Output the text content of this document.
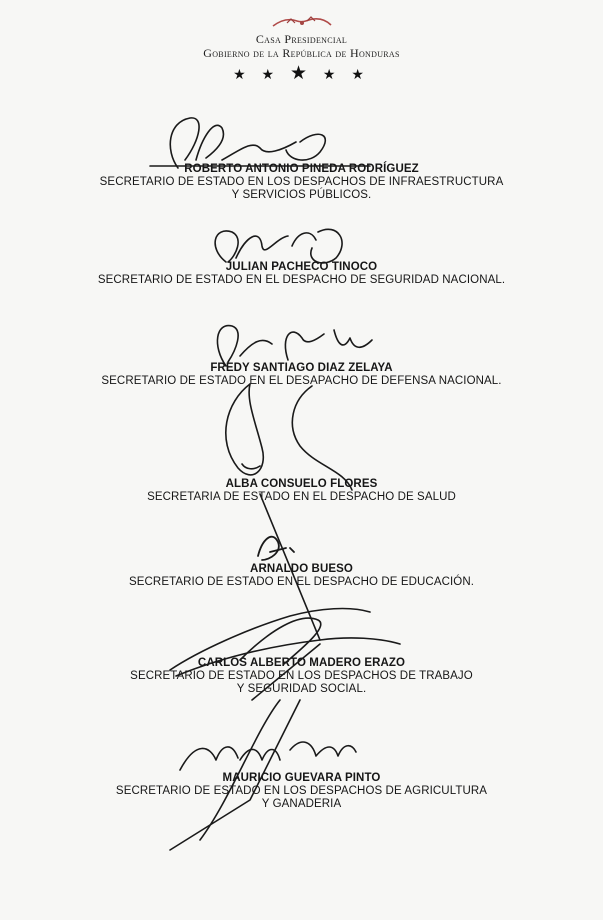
Casa Presidencial
Gobierno de la República de Honduras
★ ★ ★ ★ ★
ROBERTO ANTONIO PINEDA RODRÍGUEZ
SECRETARIO DE ESTADO EN LOS DESPACHOS DE INFRAESTRUCTURA
Y SERVICIOS PÚBLICOS.
JULIAN PACHECO TINOCO
SECRETARIO DE ESTADO EN EL DESPACHO DE SEGURIDAD NACIONAL.
FREDY SANTIAGO DIAZ ZELAYA
SECRETARIO DE ESTADO EN EL DESAPACHO DE DEFENSA NACIONAL.
ALBA CONSUELO FLORES
SECRETARIA DE ESTADO EN EL DESPACHO DE SALUD
ARNALDO BUESO
SECRETARIO DE ESTADO EN EL DESPACHO DE EDUCACIÓN.
CARLOS ALBERTO MADERO ERAZO
SECRETARIO DE ESTADO EN LOS DESPACHOS DE TRABAJO
Y SEGURIDAD SOCIAL.
MAURICIO GUEVARA PINTO
SECRETARIO DE ESTADO EN LOS DESPACHOS DE AGRICULTURA
Y GANADERIA
